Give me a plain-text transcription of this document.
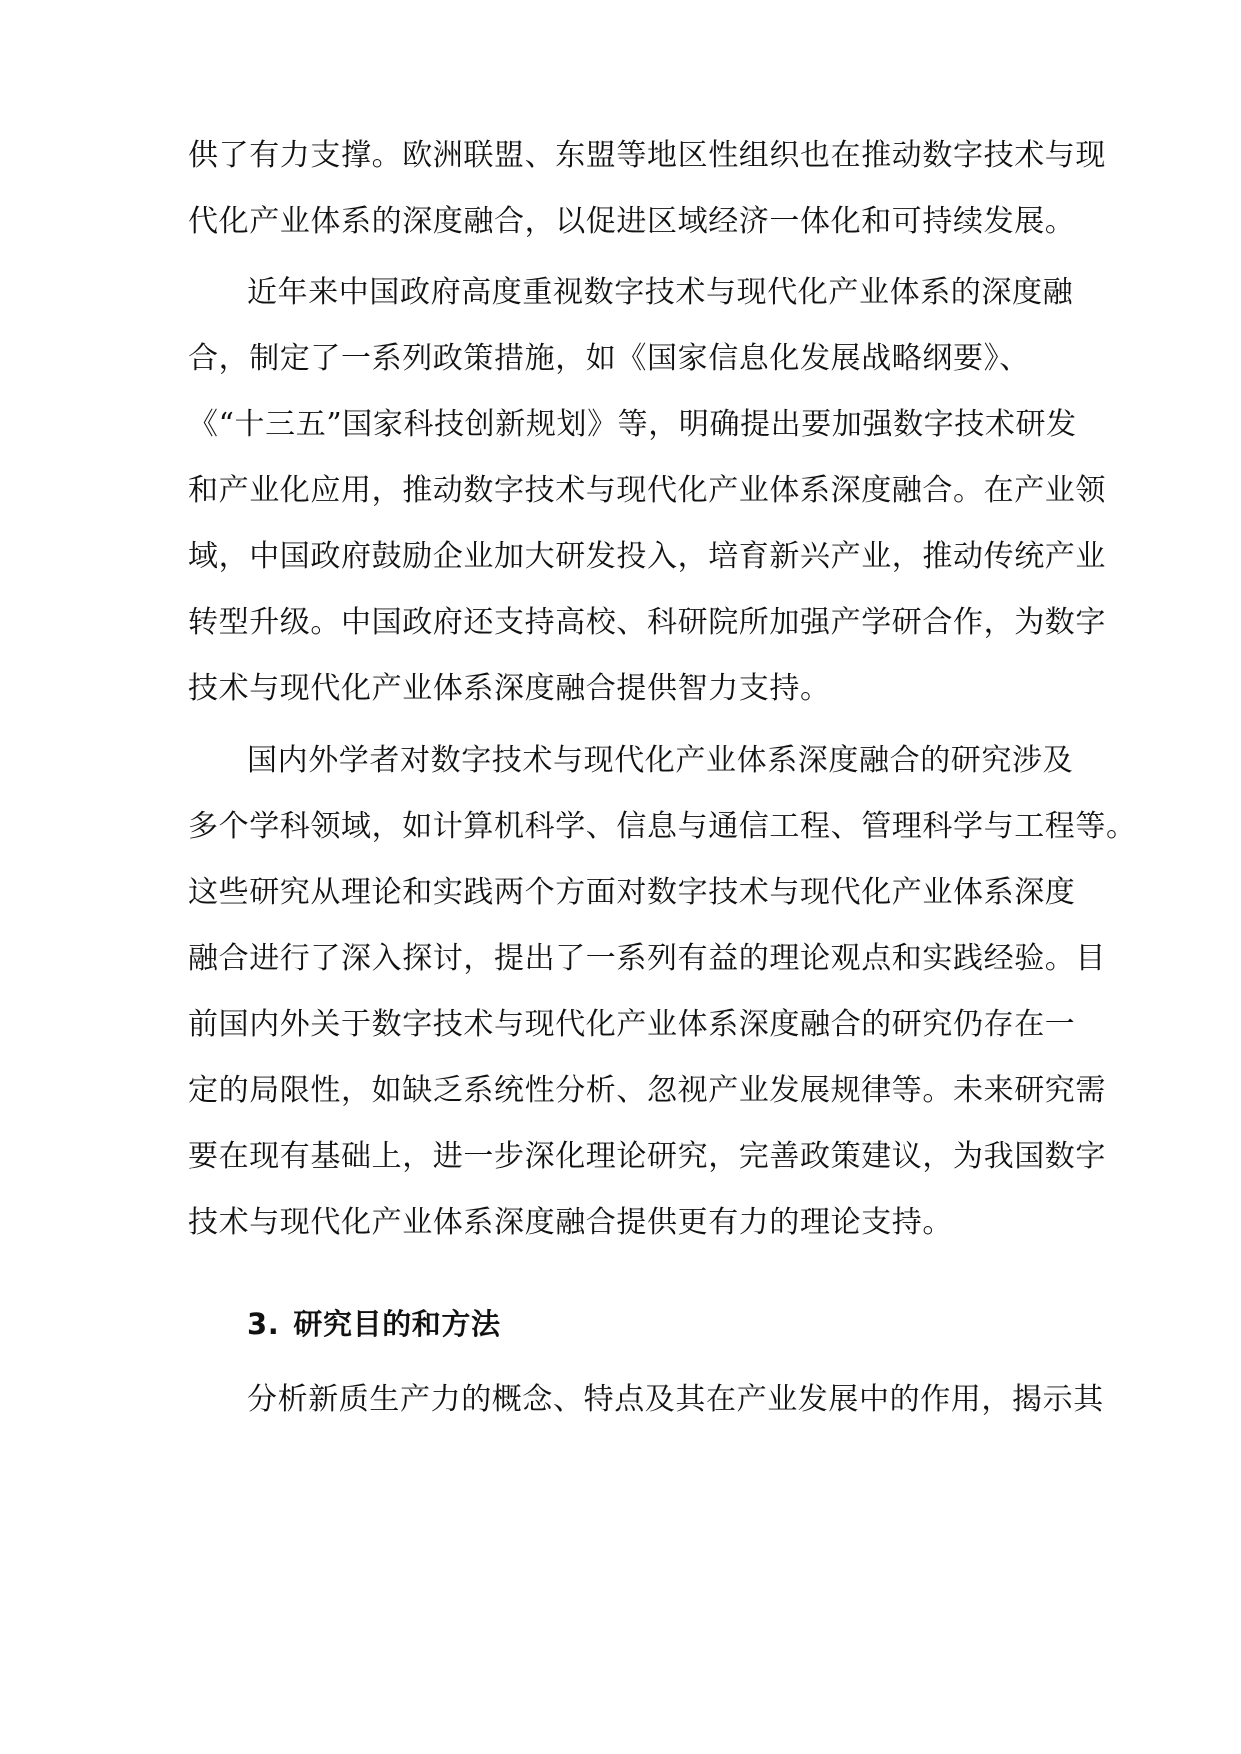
供了有力支撑。欧洲联盟、东盟等地区性组织也在推动数字技术与现
代化产业体系的深度融合，以促进区域经济一体化和可持续发展。
近年来中国政府高度重视数字技术与现代化产业体系的深度融
合，制定了一系列政策措施，如《国家信息化发展战略纲要》、
《“十三五”国家科技创新规划》等，明确提出要加强数字技术研发
和产业化应用，推动数字技术与现代化产业体系深度融合。在产业领
域，中国政府鼓励企业加大研发投入，培育新兴产业，推动传统产业
转型升级。中国政府还支持高校、科研院所加强产学研合作，为数字
技术与现代化产业体系深度融合提供智力支持。
国内外学者对数字技术与现代化产业体系深度融合的研究涉及
多个学科领域，如计算机科学、信息与通信工程、管理科学与工程等。
这些研究从理论和实践两个方面对数字技术与现代化产业体系深度
融合进行了深入探讨，提出了一系列有益的理论观点和实践经验。目
前国内外关于数字技术与现代化产业体系深度融合的研究仍存在一
定的局限性，如缺乏系统性分析、忽视产业发展规律等。未来研究需
要在现有基础上，进一步深化理论研究，完善政策建议，为我国数字
技术与现代化产业体系深度融合提供更有力的理论支持。
3. 研究目的和方法
分析新质生产力的概念、特点及其在产业发展中的作用，揭示其
